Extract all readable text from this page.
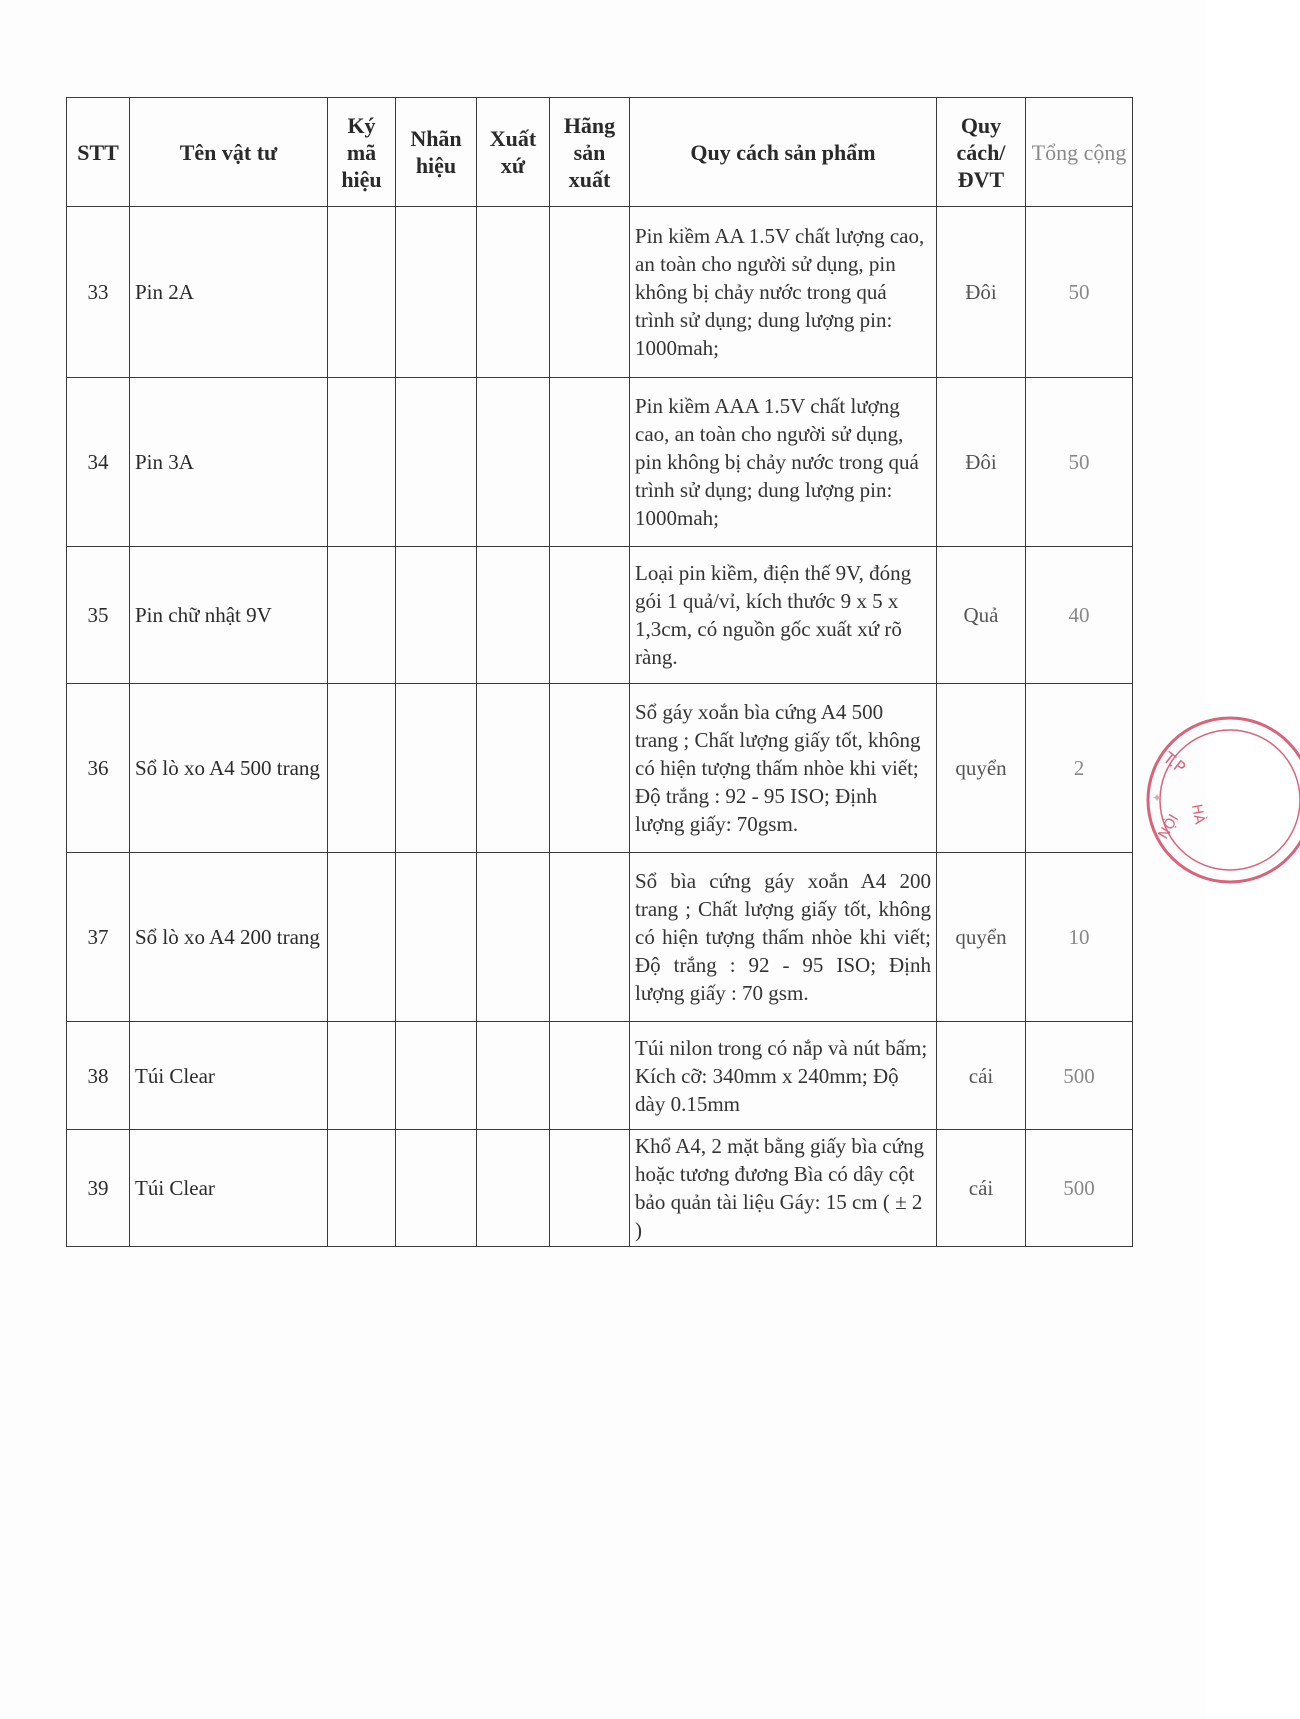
STT	Tên vật tư	Ký mã hiệu	Nhãn hiệu	Xuất xứ	Hãng sản xuất	Quy cách sản phẩm	Quy cách/ ĐVT	Tổng cộng
33	Pin 2A					Pin kiềm AA 1.5V chất lượng cao, an toàn cho người sử dụng, pin không bị chảy nước trong quá trình sử dụng; dung lượng pin: 1000mah;	Đôi	50
34	Pin 3A					Pin kiềm AAA 1.5V chất lượng cao, an toàn cho người sử dụng, pin không bị chảy nước trong quá trình sử dụng; dung lượng pin: 1000mah;	Đôi	50
35	Pin chữ nhật 9V					Loại pin kiềm, điện thế 9V, đóng gói 1 quả/vỉ, kích thước 9 x 5 x 1,3cm, có nguồn gốc xuất xứ rõ ràng.	Quả	40
36	Sổ lò xo A4 500 trang					Sổ gáy xoắn bìa cứng A4 500 trang ; Chất lượng giấy tốt, không có hiện tượng thấm nhòe khi viết; Độ trắng : 92 - 95 ISO; Định lượng giấy: 70gsm.	quyển	2
37	Sổ lò xo A4 200 trang					Sổ bìa cứng gáy xoắn A4 200 trang ; Chất lượng giấy tốt, không có hiện tượng thấm nhòe khi viết; Độ trắng : 92 - 95 ISO; Định lượng giấy : 70 gsm.	quyển	10
38	Túi Clear					Túi nilon trong có nắp và nút bấm; Kích cỡ: 340mm x 240mm; Độ dày 0.15mm	cái	500
39	Túi Clear					Khổ A4, 2 mặt bằng giấy bìa cứng hoặc tương đương Bìa có dây cột bảo quản tài liệu Gáy: 15 cm ( ± 2 )	cái	500
T.P
HÀ
NỘI
✦
